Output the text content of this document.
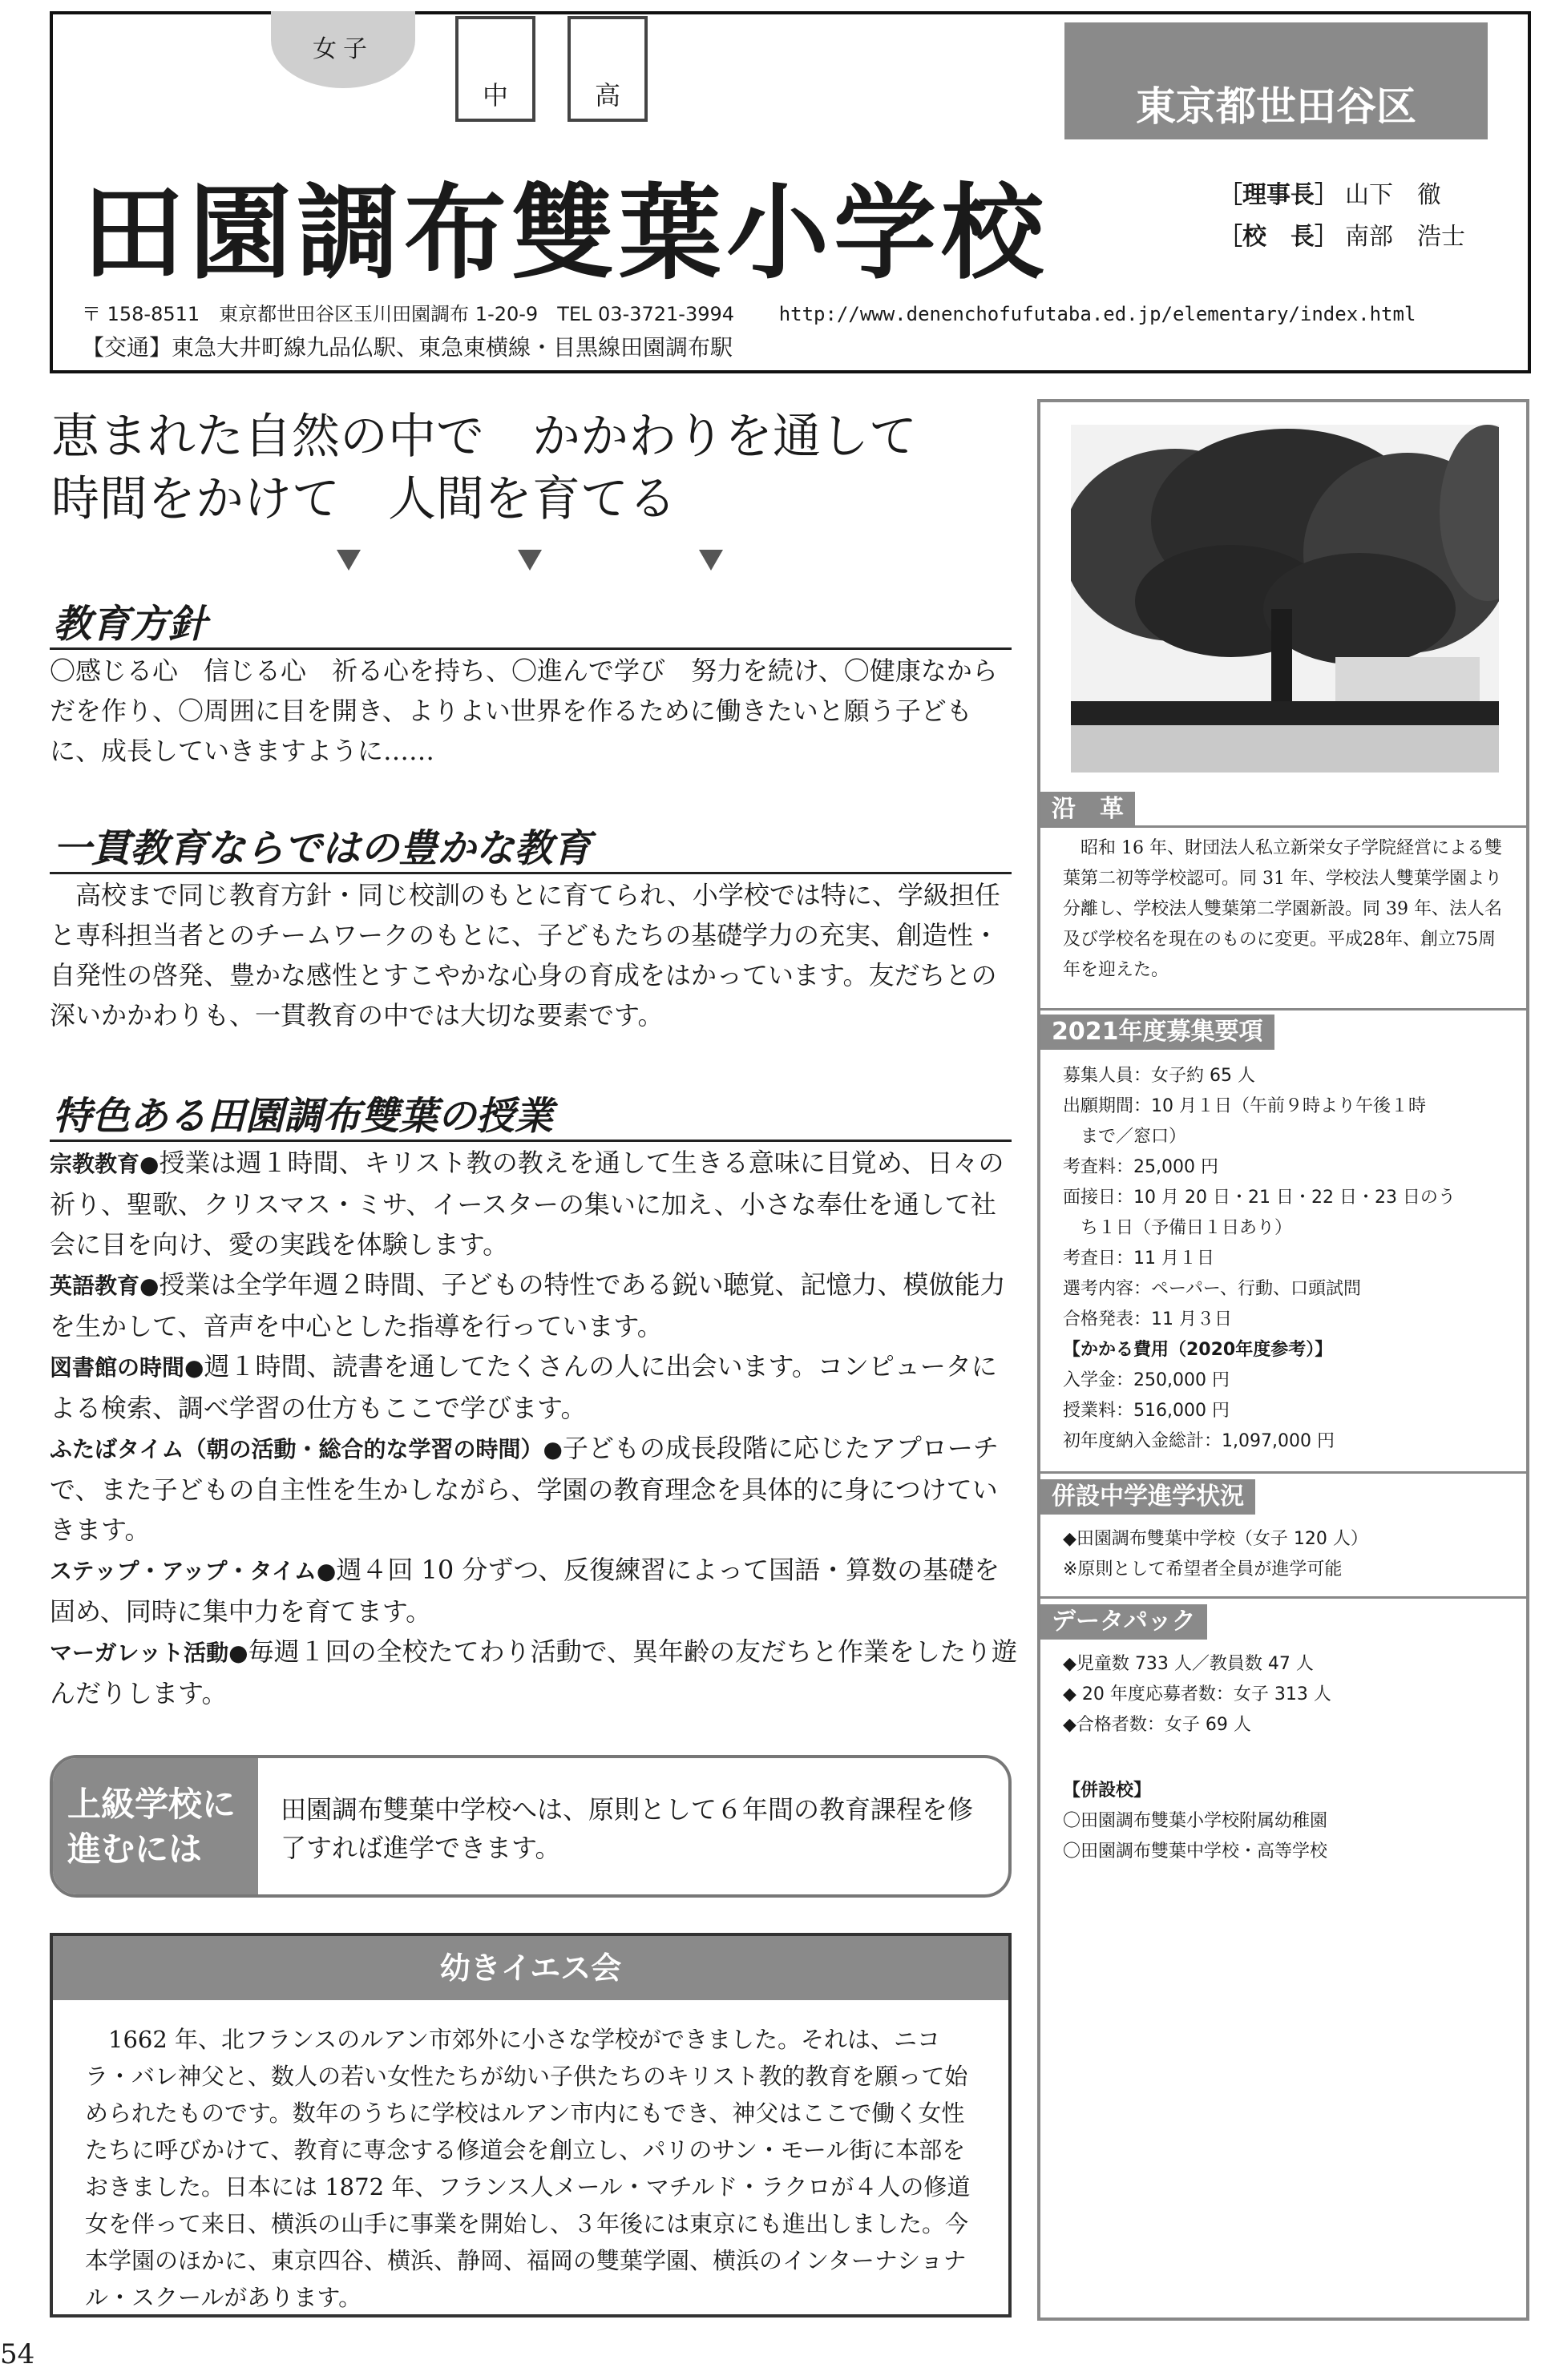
女子
中	高	東京都世田谷区
田園調布雙葉小学校	［理事長］ 山下　徹
［校　長］ 南部　浩士
〒 158-8511　東京都世田谷区玉川田園調布 1-20-9　TEL 03-3721-3994 http://www.denenchofufutaba.ed.jp/elementary/index.html
【交通】東急大井町線九品仏駅、東急東横線・目黒線田園調布駅
恵まれた自然の中で　かかわりを通して
時間をかけて　人間を育てる
教育方針
〇感じる心　信じる心　祈る心を持ち、〇進んで学び　努力を続け、〇健康なからだを作り、〇周囲に目を開き、よりよい世界を作るために働きたいと願う子どもに、成長していきますように……
一貫教育ならではの豊かな教育
高校まで同じ教育方針・同じ校訓のもとに育てられ、小学校では特に、学級担任と専科担当者とのチームワークのもとに、子どもたちの基礎学力の充実、創造性・自発性の啓発、豊かな感性とすこやかな心身の育成をはかっています。友だちとの深いかかわりも、一貫教育の中では大切な要素です。
特色ある田園調布雙葉の授業
宗教教育●授業は週１時間、キリスト教の教えを通して生きる意味に目覚め、日々の祈り、聖歌、クリスマス・ミサ、イースターの集いに加え、小さな奉仕を通して社会に目を向け、愛の実践を体験します。
英語教育●授業は全学年週２時間、子どもの特性である鋭い聴覚、記憶力、模倣能力を生かして、音声を中心とした指導を行っています。
図書館の時間●週１時間、読書を通してたくさんの人に出会います。コンピュータによる検索、調べ学習の仕方もここで学びます。
ふたばタイム（朝の活動・総合的な学習の時間）●子どもの成長段階に応じたアプローチで、また子どもの自主性を生かしながら、学園の教育理念を具体的に身につけていきます。
ステップ・アップ・タイム●週４回 10 分ずつ、反復練習によって国語・算数の基礎を固め、同時に集中力を育てます。
マーガレット活動●毎週１回の全校たてわり活動で、異年齢の友だちと作業をしたり遊んだりします。
上級学校に
進むには
田園調布雙葉中学校へは、原則として６年間の教育課程を修了すれば進学できます。
幼きイエス会
1662 年、北フランスのルアン市郊外に小さな学校ができました。それは、ニコラ・バレ神父と、数人の若い女性たちが幼い子供たちのキリスト教的教育を願って始められたものです。数年のうちに学校はルアン市内にもでき、神父はここで働く女性たちに呼びかけて、教育に専念する修道会を創立し、パリのサン・モール街に本部をおきました。日本には 1872 年、フランス人メール・マチルド・ラクロが４人の修道女を伴って来日、横浜の山手に事業を開始し、３年後には東京にも進出しました。今本学園のほかに、東京四谷、横浜、静岡、福岡の雙葉学園、横浜のインターナショナル・スクールがあります。
54
沿　革
昭和 16 年、財団法人私立新栄女子学院経営による雙葉第二初等学校認可。同 31 年、学校法人雙葉学園より分離し、学校法人雙葉第二学園新設。同 39 年、法人名及び学校名を現在のものに変更。平成28年、創立75周年を迎えた。
2021年度募集要項
募集人員：女子約 65 人
出願期間：10 月１日（午前９時より午後１時
　まで／窓口）
考査料：25,000 円
面接日：10 月 20 日・21 日・22 日・23 日のう
　ち１日（予備日１日あり）
考査日：11 月１日
選考内容：ペーパー、行動、口頭試問
合格発表：11 月３日
【かかる費用（2020年度参考）】
入学金：250,000 円
授業料：516,000 円
初年度納入金総計：1,097,000 円
併設中学進学状況
◆田園調布雙葉中学校（女子 120 人）
※原則として希望者全員が進学可能
データパック
◆児童数 733 人／教員数 47 人
◆ 20 年度応募者数：女子 313 人
◆合格者数：女子 69 人
【併設校】
〇田園調布雙葉小学校附属幼稚園
〇田園調布雙葉中学校・高等学校
